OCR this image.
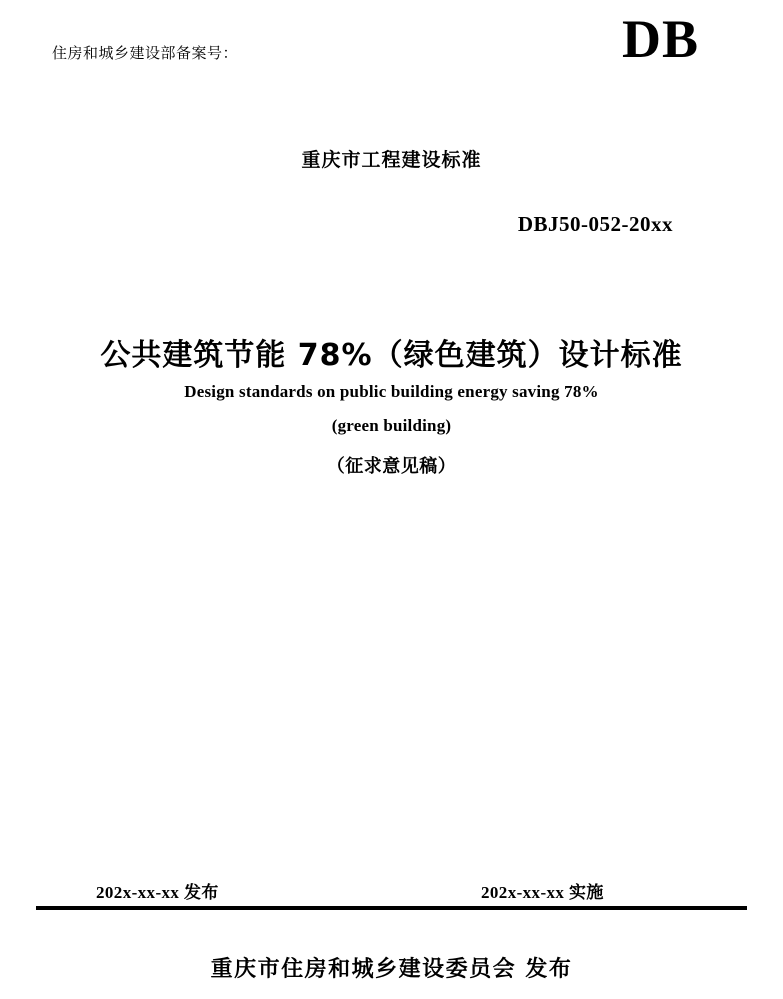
住房和城乡建设部备案号：	DB
重庆市工程建设标准
DBJ50-052-20xx
公共建筑节能 78%（绿色建筑）设计标准
Design standards on public building energy saving 78%
(green building)
（征求意见稿）
202x-xx-xx 发布	202x-xx-xx 实施
重庆市住房和城乡建设委员会 发布
